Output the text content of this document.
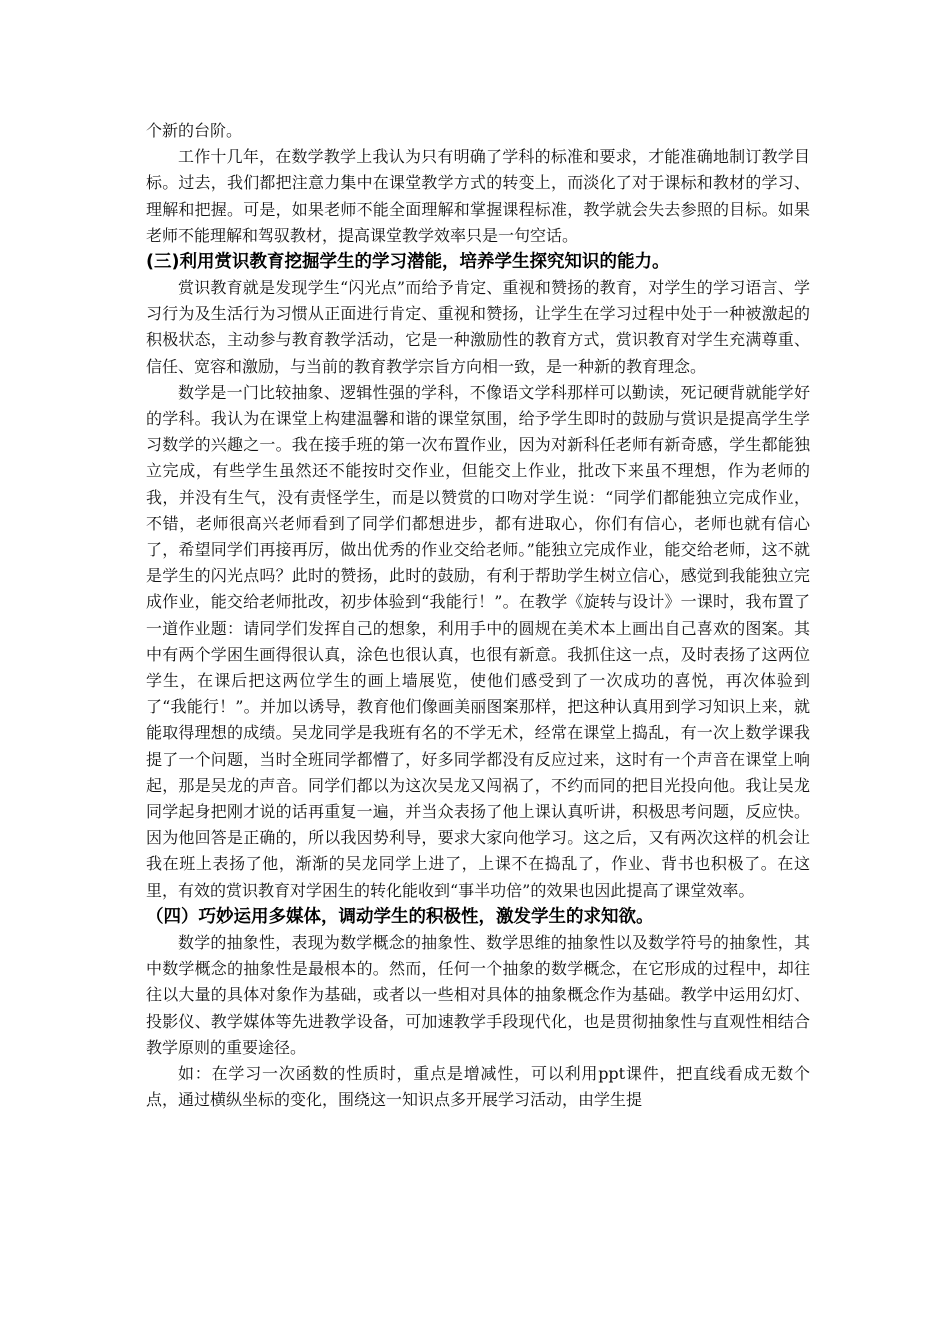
个新的台阶。

工作十几年，在数学教学上我认为只有明确了学科的标准和要求，才能准确地制订教学目标。过去，我们都把注意力集中在课堂教学方式的转变上，而淡化了对于课标和教材的学习、理解和把握。可是，如果老师不能全面理解和掌握课程标准，教学就会失去参照的目标。如果老师不能理解和驾驭教材，提高课堂教学效率只是一句空话。

(三)利用赏识教育挖掘学生的学习潜能，培养学生探究知识的能力。

赏识教育就是发现学生“闪光点”而给予肯定、重视和赞扬的教育，对学生的学习语言、学习行为及生活行为习惯从正面进行肯定、重视和赞扬，让学生在学习过程中处于一种被激起的积极状态，主动参与教育教学活动，它是一种激励性的教育方式，赏识教育对学生充满尊重、信任、宽容和激励，与当前的教育教学宗旨方向相一致，是一种新的教育理念。

数学是一门比较抽象、逻辑性强的学科，不像语文学科那样可以勤读，死记硬背就能学好的学科。我认为在课堂上构建温馨和谐的课堂氛围，给予学生即时的鼓励与赏识是提高学生学习数学的兴趣之一。我在接手班的第一次布置作业，因为对新科任老师有新奇感，学生都能独立完成，有些学生虽然还不能按时交作业，但能交上作业，批改下来虽不理想，作为老师的我，并没有生气，没有责怪学生，而是以赞赏的口吻对学生说：“同学们都能独立完成作业，不错，老师很高兴老师看到了同学们都想进步，都有进取心，你们有信心，老师也就有信心了，希望同学们再接再厉，做出优秀的作业交给老师。”能独立完成作业，能交给老师，这不就是学生的闪光点吗？此时的赞扬，此时的鼓励，有利于帮助学生树立信心，感觉到我能独立完成作业，能交给老师批改，初步体验到“我能行！”。在教学《旋转与设计》一课时，我布置了一道作业题：请同学们发挥自己的想象，利用手中的圆规在美术本上画出自己喜欢的图案。其中有两个学困生画得很认真，涂色也很认真，也很有新意。我抓住这一点，及时表扬了这两位学生，在课后把这两位学生的画上墙展览，使他们感受到了一次成功的喜悦，再次体验到了“我能行！”。并加以诱导，教育他们像画美丽图案那样，把这种认真用到学习知识上来，就能取得理想的成绩。吴龙同学是我班有名的不学无术，经常在课堂上捣乱，有一次上数学课我提了一个问题，当时全班同学都懵了，好多同学都没有反应过来，这时有一个声音在课堂上响起，那是吴龙的声音。同学们都以为这次吴龙又闯祸了，不约而同的把目光投向他。我让吴龙同学起身把刚才说的话再重复一遍，并当众表扬了他上课认真听讲，积极思考问题，反应快。因为他回答是正确的，所以我因势利导，要求大家向他学习。这之后，又有两次这样的机会让我在班上表扬了他，渐渐的吴龙同学上进了，上课不在捣乱了，作业、背书也积极了。在这里，有效的赏识教育对学困生的转化能收到“事半功倍”的效果也因此提高了课堂效率。

（四）巧妙运用多媒体，调动学生的积极性，激发学生的求知欲。

数学的抽象性，表现为数学概念的抽象性、数学思维的抽象性以及数学符号的抽象性，其中数学概念的抽象性是最根本的。然而，任何一个抽象的数学概念，在它形成的过程中，却往往以大量的具体对象作为基础，或者以一些相对具体的抽象概念作为基础。教学中运用幻灯、投影仪、教学媒体等先进教学设备，可加速教学手段现代化，也是贯彻抽象性与直观性相结合教学原则的重要途径。

如：在学习一次函数的性质时，重点是增减性，可以利用ppt课件，把直线看成无数个点，通过横纵坐标的变化，围绕这一知识点多开展学习活动，由学生提
